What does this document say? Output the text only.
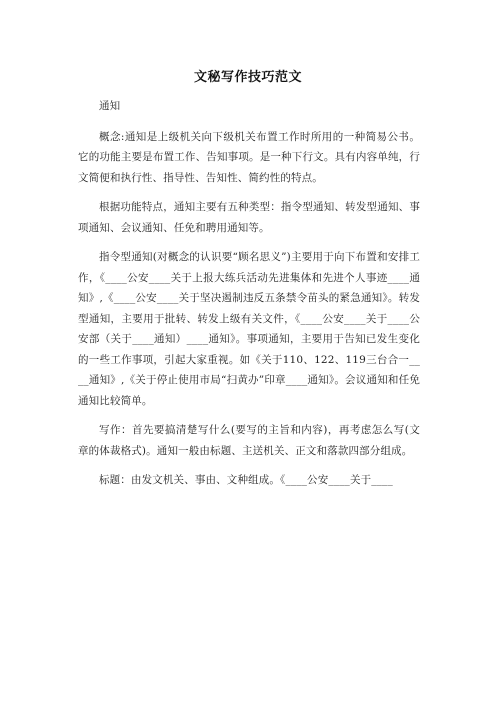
文秘写作技巧范文

通知

概念:通知是上级机关向下级机关布置工作时所用的一种简易公书。它的功能主要是布置工作、告知事项。是一种下行文。具有内容单纯，行文简便和执行性、指导性、告知性、简约性的特点。

根据功能特点，通知主要有五种类型：指令型通知、转发型通知、事项通知、会议通知、任免和聘用通知等。

指令型通知(对概念的认识要“顾名思义”)主要用于向下布置和安排工作，《____公安____关于上报大练兵活动先进集体和先进个人事迹____通知》,《____公安____关于坚决遏制违反五条禁令苗头的紧急通知》。转发型通知，主要用于批转、转发上级有关文件，《____公安____关于____公安部（关于____通知）____通知》。事项通知，主要用于告知已发生变化的一些工作事项，引起大家重视。如《关于110、122、119三台合一____通知》,《关于停止使用市局“扫黄办”印章____通知》。会议通知和任免通知比较简单。

写作：首先要搞清楚写什么(要写的主旨和内容)，再考虑怎么写(文章的体裁格式)。通知一般由标题、主送机关、正文和落款四部分组成。

标题：由发文机关、事由、文种组成。《____公安____关于____
